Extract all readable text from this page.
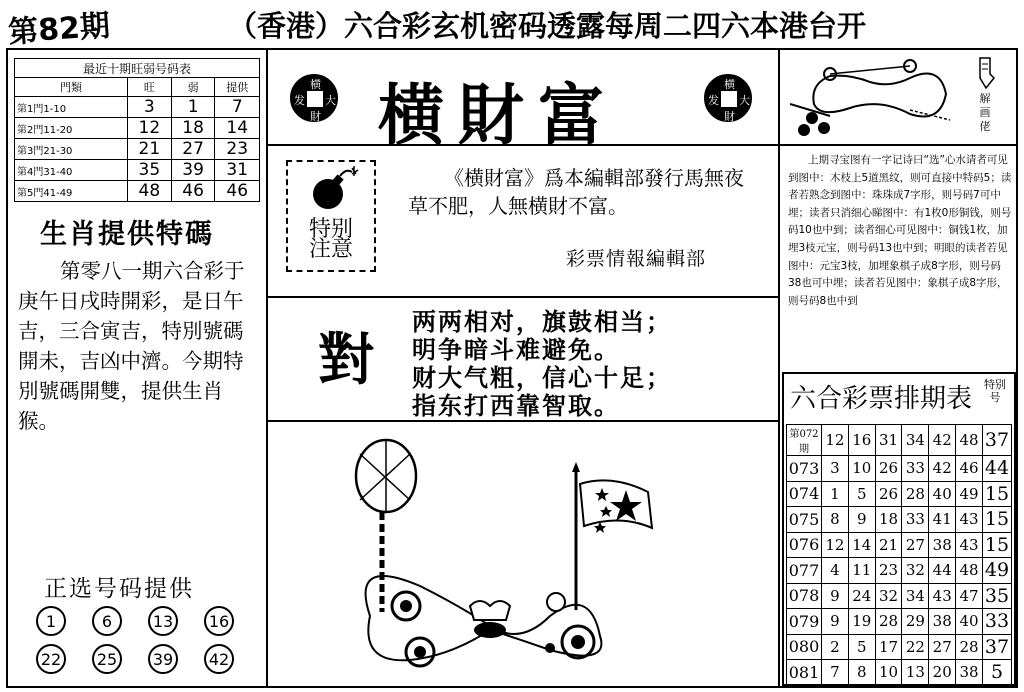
第82期	（香港）六合彩玄机密码透露每周二四六本港台开
最近十期旺弱号码表			
門類	旺	弱	提供
第1門1-10	3	1	7
第2門11-20	12	18	14
第3門21-30	21	27	23
第4門31-40	35	39	31
第5門41-49	48	46	46
生肖提供特碼

第零八一期六合彩于庚午日戌時開彩，是日午吉，三合寅吉，特別號碼開未，吉凶中濟。今期特別號碼開雙，提供生肖猴。

正选号码提供
1	6	13	16
22	25	39	42
横
大
財
发 横財富	横
大
財
发
特别
注意

《横財富》爲本編輯部發行馬無夜草不肥，人無横財不富。

彩票情報編輯部
對
两两相对，旗鼓相当；
明争暗斗难避免。
财大气粗，信心十足；
指东打西靠智取。
解画佬

上期寻宝图有一字记诗曰“选”心水请者可见到图中：木枝上5道黑纹，则可直接中特码5；读者若熟念到图中：珠珠成7字形，则号码7可中埋；读者只消细心睇图中：有1枚0形铜钱，则号码10也中到；读者细心可见图中：铜钱1枚，加埋3枝元宝，则号码13也中到；明眼的读者若见图中：元宝3枝，加埋象棋子成8字形，则号码38也可中埋；读者若见图中：象棋子成8字形，则号码8也中到

六合彩票排期表 特别号
第072期	12	16	31	34	42	48	37
073	3	10	26	33	42	46	44
074	1	5	26	28	40	49	15
075	8	9	18	33	41	43	15
076	12	14	21	27	38	43	15
077	4	11	23	32	44	48	49
078	9	24	32	34	43	47	35
079	9	19	28	29	38	40	33
080	2	5	17	22	27	28	37
081	7	8	10	13	20	38	5
